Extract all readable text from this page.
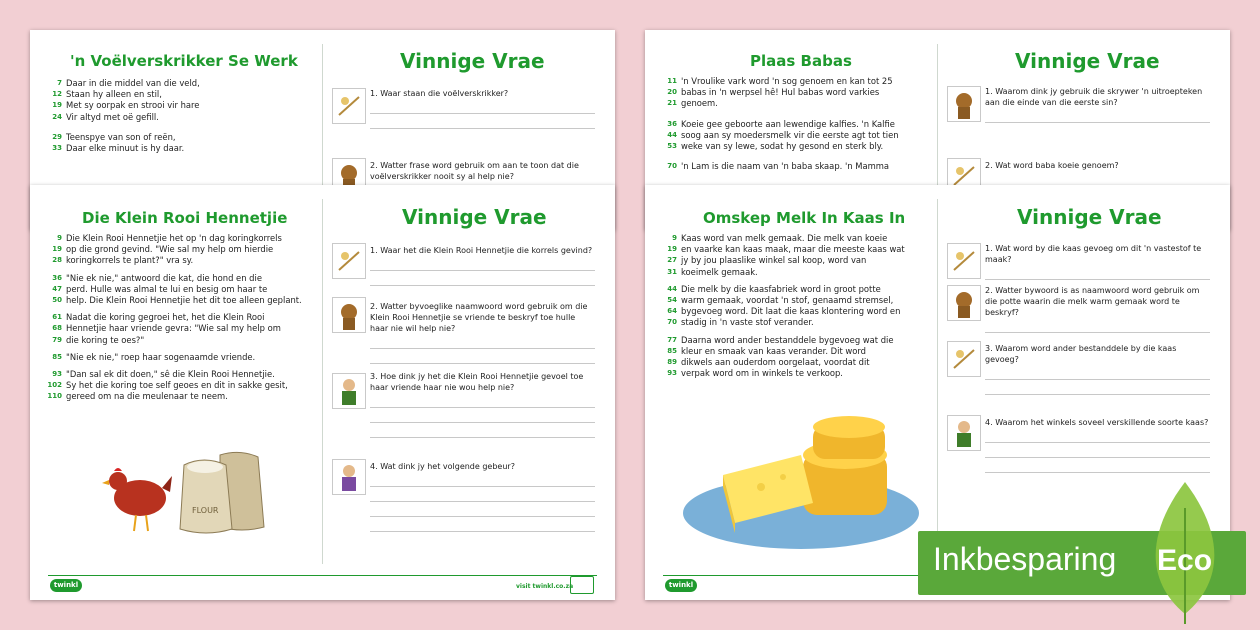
'n Voëlverskrikker Se Werk	Vinnige Vrae
7 Daar in die middel van die veld,
12 Staan hy alleen en stil,
19 Met sy oorpak en strooi vir hare
24 Vir altyd met oë gefill.
29 Teenspye van son of reën,
33 Daar elke minuut is hy daar.
1. Waar staan die voëlverskrikker?
2. Watter frase word gebruik om aan te toon dat die voëlverskrikker nooit sy al help nie?
Plaas Babas	Vinnige Vrae
11 'n Vroulike vark word 'n sog genoem en kan tot 25
20 babas in 'n werpsel hê! Hul babas word varkies
21 genoem.
36 Koeie gee geboorte aan lewendige kalfies. 'n Kalfie
44 soog aan sy moedersmelk vir die eerste agt tot tien
53 weke van sy lewe, sodat hy gesond en sterk bly.
70 'n Lam is die naam van 'n baba skaap. 'n Mamma
1. Waarom dink jy gebruik die skrywer 'n uitroepteken aan die einde van die eerste sin?
2. Wat word baba koeie genoem?
Die Klein Rooi Hennetjie	Vinnige Vrae
9 Die Klein Rooi Hennetjie het op 'n dag koringkorrels
19 op die grond gevind. "Wie sal my help om hierdie
28 koringkorrels te plant?" vra sy.
36 "Nie ek nie," antwoord die kat, die hond en die
47 perd. Hulle was almal te lui en besig om haar te
50 help. Die Klein Rooi Hennetjie het dit toe alleen geplant.
61 Nadat die koring gegroei het, het die Klein Rooi
68 Hennetjie haar vriende gevra: "Wie sal my help om
79 die koring te oes?"
85 "Nie ek nie," roep haar sogenaamde vriende.
93 "Dan sal ek dit doen," sê die Klein Rooi Hennetjie.
102 Sy het die koring toe self geoes en dit in sakke gesit,
110 gereed om na die meulenaar te neem.
FLOUR
1. Waar het die Klein Rooi Hennetjie die korrels gevind?
2. Watter byvoeglike naamwoord word gebruik om die Klein Rooi Hennetjie se vriende te beskryf toe hulle haar nie wil help nie?
3. Hoe dink jy het die Klein Rooi Hennetjie gevoel toe haar vriende haar nie wou help nie?
4. Wat dink jy het volgende gebeur?
twinkl	visit twinkl.co.za
Omskep Melk In Kaas In	Vinnige Vrae
9 Kaas word van melk gemaak. Die melk van koeie
19 en vaarke kan kaas maak, maar die meeste kaas wat
27 jy by jou plaaslike winkel sal koop, word van
31 koeimelk gemaak.
44 Die melk by die kaasfabriek word in groot potte
54 warm gemaak, voordat 'n stof, genaamd stremsel,
64 bygevoeg word. Dit laat die kaas klontering word en
70 stadig in 'n vaste stof verander.
77 Daarna word ander bestanddele bygevoeg wat die
85 kleur en smaak van kaas verander. Dit word
89 dikwels aan ouderdom oorgelaat, voordat dit
93 verpak word om in winkels te verkoop.
1. Wat word by die kaas gevoeg om dit 'n vastestof te maak?
2. Watter bywoord is as naamwoord word gebruik om die potte waarin die melk warm gemaak word te beskryf?
3. Waarom word ander bestanddele by die kaas gevoeg?
4. Waarom het winkels soveel verskillende soorte kaas?
twinkl
Inkbesparing Eco
